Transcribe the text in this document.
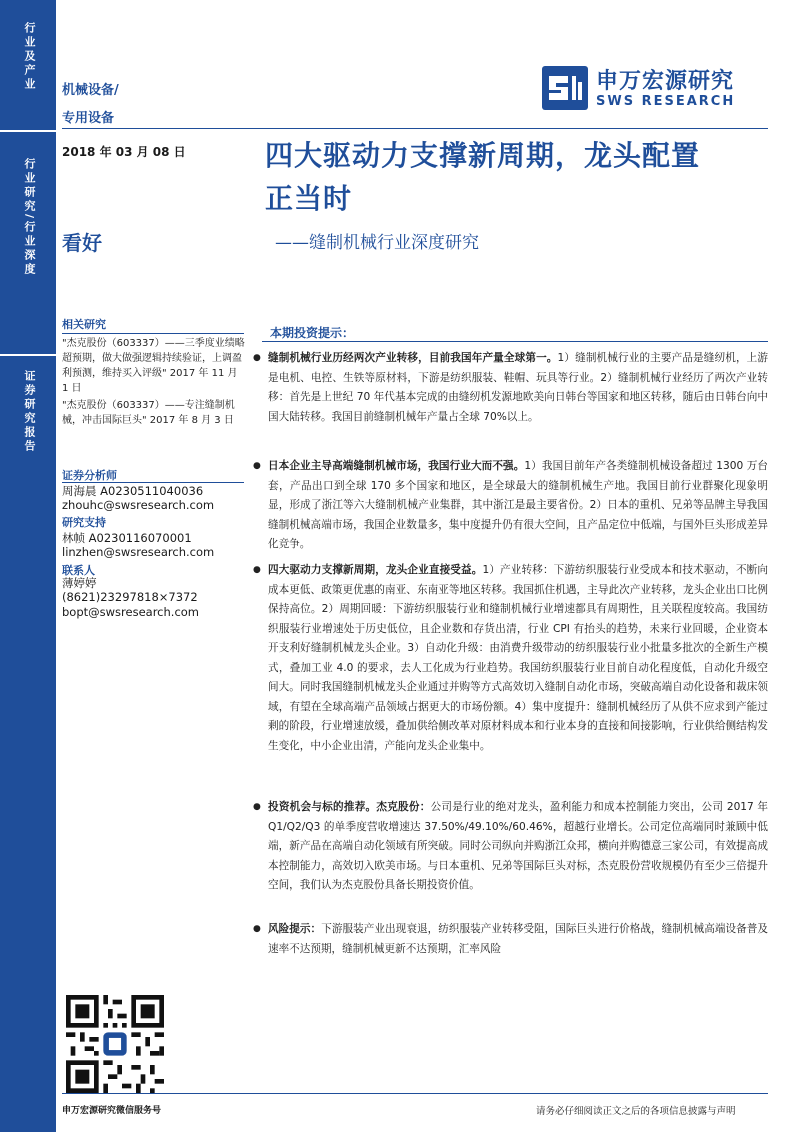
行业及产业
行业研究/行业深度
证券研究报告
机械设备/
专用设备
申万宏源研究
SWS RESEARCH
2018 年 03 月 08 日
看好
四大驱动力支撑新周期，龙头配置
正当时
——缝制机械行业深度研究
相关研究
"杰克股份（603337）——三季度业绩略超预期，做大做强逻辑持续验证，上调盈利预测，维持买入评级" 2017 年 11 月 1 日
"杰克股份（603337）——专注缝制机械，冲击国际巨头" 2017 年 8 月 3 日
证券分析师
周海晨 A0230511040036
zhouhc@swsresearch.com
研究支持
林帧 A0230116070001
linzhen@swsresearch.com
联系人
薄婷婷
(8621)23297818×7372
bopt@swsresearch.com
本期投资提示：
● 缝制机械行业历经两次产业转移，目前我国年产量全球第一。1）缝制机械行业的主要产品是缝纫机，上游是电机、电控、生铁等原材料，下游是纺织服装、鞋帽、玩具等行业。2）缝制机械行业经历了两次产业转移：首先是上世纪 70 年代基本完成的由缝纫机发源地欧美向日韩台等国家和地区转移，随后由日韩台向中国大陆转移。我国目前缝制机械年产量占全球 70%以上。
● 日本企业主导高端缝制机械市场，我国行业大而不强。1）我国目前年产各类缝制机械设备超过 1300 万台套，产品出口到全球 170 多个国家和地区，是全球最大的缝制机械生产地。我国目前行业群聚化现象明显，形成了浙江等六大缝制机械产业集群，其中浙江是最主要省份。2）日本的重机、兄弟等品牌主导我国缝制机械高端市场，我国企业数量多，集中度提升仍有很大空间，且产品定位中低端，与国外巨头形成差异化竞争。
● 四大驱动力支撑新周期，龙头企业直接受益。1）产业转移：下游纺织服装行业受成本和技术驱动，不断向成本更低、政策更优惠的南亚、东南亚等地区转移。我国抓住机遇，主导此次产业转移，龙头企业出口比例保持高位。2）周期回暖：下游纺织服装行业和缝制机械行业增速都具有周期性，且关联程度较高。我国纺织服装行业增速处于历史低位，且企业数和存货出清，行业 CPI 有抬头的趋势，未来行业回暖，企业资本开支利好缝制机械龙头企业。3）自动化升级：由消费升级带动的纺织服装行业小批量多批次的全新生产模式，叠加工业 4.0 的要求，去人工化成为行业趋势。我国纺织服装行业目前自动化程度低，自动化升级空间大。同时我国缝制机械龙头企业通过并购等方式高效切入缝制自动化市场，突破高端自动化设备和裁床领域，有望在全球高端产品领域占据更大的市场份额。4）集中度提升：缝制机械经历了从供不应求到产能过剩的阶段，行业增速放缓，叠加供给侧改革对原材料成本和行业本身的直接和间接影响，行业供给侧结构发生变化，中小企业出清，产能向龙头企业集中。
● 投资机会与标的推荐。杰克股份：公司是行业的绝对龙头，盈利能力和成本控制能力突出，公司 2017 年 Q1/Q2/Q3 的单季度营收增速达 37.50%/49.10%/60.46%，超越行业增长。公司定位高端同时兼顾中低端，新产品在高端自动化领域有所突破。同时公司纵向并购浙江众邦，横向并购德意三家公司，有效提高成本控制能力，高效切入欧美市场。与日本重机、兄弟等国际巨头对标，杰克股份营收规模仍有至少三倍提升空间，我们认为杰克股份具备长期投资价值。
● 风险提示：下游服装产业出现衰退，纺织服装产业转移受阻，国际巨头进行价格战，缝制机械高端设备普及速率不达预期，缝制机械更新不达预期，汇率风险
申万宏源研究微信服务号	请务必仔细阅读正文之后的各项信息披露与声明
